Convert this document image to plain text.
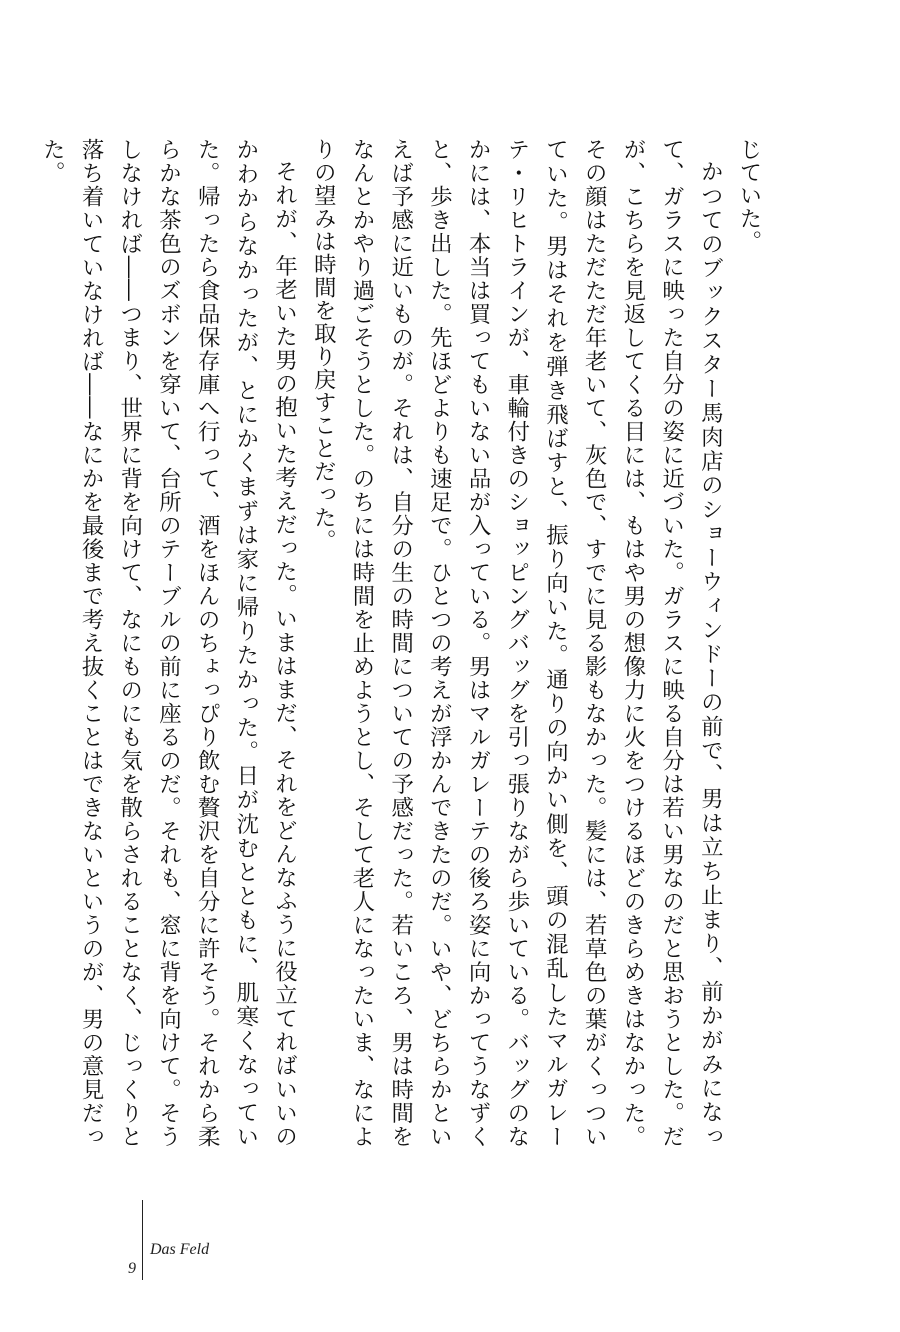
じていた。

かつてのブックスター馬肉店のショーウィンドーの前で、男は立ち止まり、前かがみになって、ガラスに映った自分の姿に近づいた。ガラスに映る自分は若い男なのだと思おうとした。だが、こちらを見返してくる目には、もはや男の想像力に火をつけるほどのきらめきはなかった。その顔はただただ年老いて、灰色で、すでに見る影もなかった。髪には、若草色の葉がくっついていた。男はそれを弾き飛ばすと、振り向いた。通りの向かい側を、頭の混乱したマルガレーテ・リヒトラインが、車輪付きのショッピングバッグを引っ張りながら歩いている。バッグのなかには、本当は買ってもいない品が入っている。男はマルガレーテの後ろ姿に向かってうなずくと、歩き出した。先ほどよりも速足で。ひとつの考えが浮かんできたのだ。いや、どちらかといえば予感に近いものが。それは、自分の生の時間についての予感だった。若いころ、男は時間をなんとかやり過ごそうとした。のちには時間を止めようとし、そして老人になったいま、なによりの望みは時間を取り戻すことだった。

それが、年老いた男の抱いた考えだった。いまはまだ、それをどんなふうに役立てればいいのかわからなかったが、とにかくまずは家に帰りたかった。日が沈むとともに、肌寒くなっていた。帰ったら食品保存庫へ行って、酒をほんのちょっぴり飲む贅沢を自分に許そう。それから柔らかな茶色のズボンを穿いて、台所のテーブルの前に座るのだ。それも、窓に背を向けて。そうしなければ――つまり、世界に背を向けて、なにものにも気を散らされることなく、じっくりと落ち着いていなければ――なにかを最後まで考え抜くことはできないというのが、男の意見だった。

9
Das Feld
